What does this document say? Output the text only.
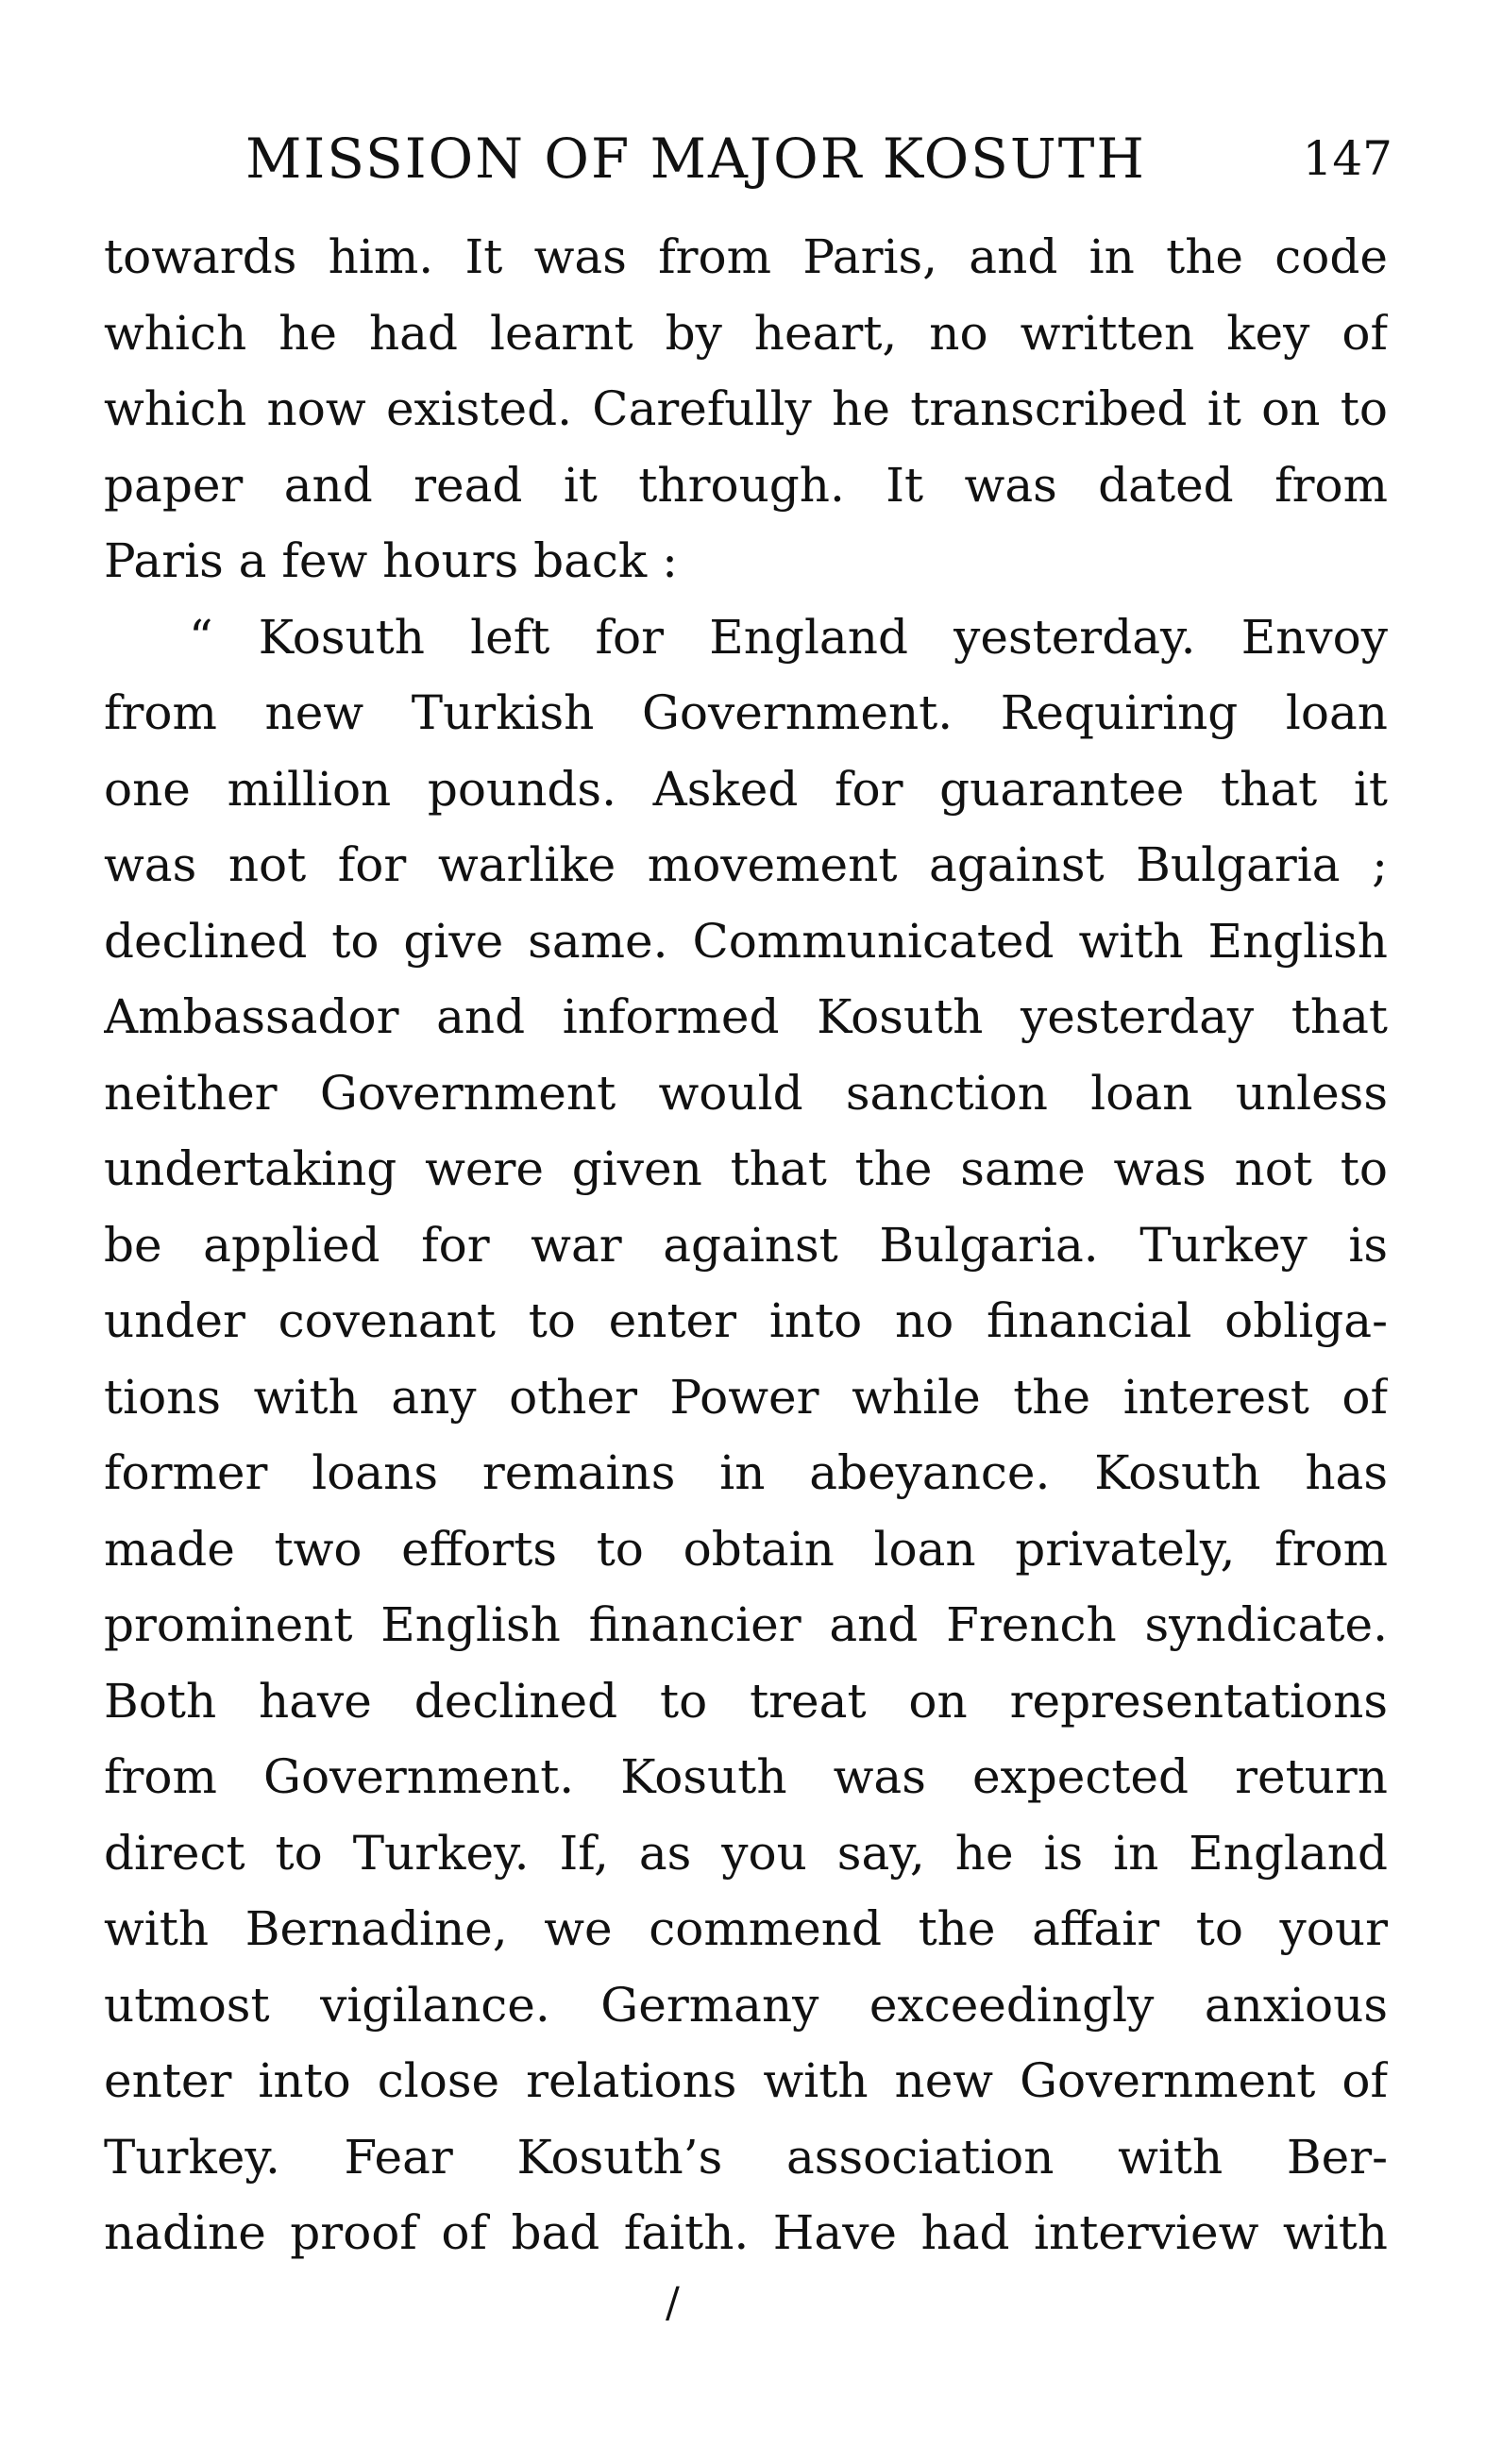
MISSION OF MAJOR KOSUTH	147
towards him. It was from Paris, and in the code
which he had learnt by heart, no written key of
which now existed. Carefully he transcribed it on to
paper and read it through. It was dated from
Paris a few hours back :
“ Kosuth left for England yesterday. Envoy
from new Turkish Government. Requiring loan
one million pounds. Asked for guarantee that it
was not for warlike movement against Bulgaria ;
declined to give same. Communicated with English
Ambassador and informed Kosuth yesterday that
neither Government would sanction loan unless
undertaking were given that the same was not to
be applied for war against Bulgaria. Turkey is
under covenant to enter into no financial obliga-
tions with any other Power while the interest of
former loans remains in abeyance. Kosuth has
made two efforts to obtain loan privately, from
prominent English financier and French syndicate.
Both have declined to treat on representations
from Government. Kosuth was expected return
direct to Turkey. If, as you say, he is in England
with Bernadine, we commend the affair to your
utmost vigilance. Germany exceedingly anxious
enter into close relations with new Government of
Turkey. Fear Kosuth’s association with Ber-
nadine proof of bad faith. Have had interview with
/
